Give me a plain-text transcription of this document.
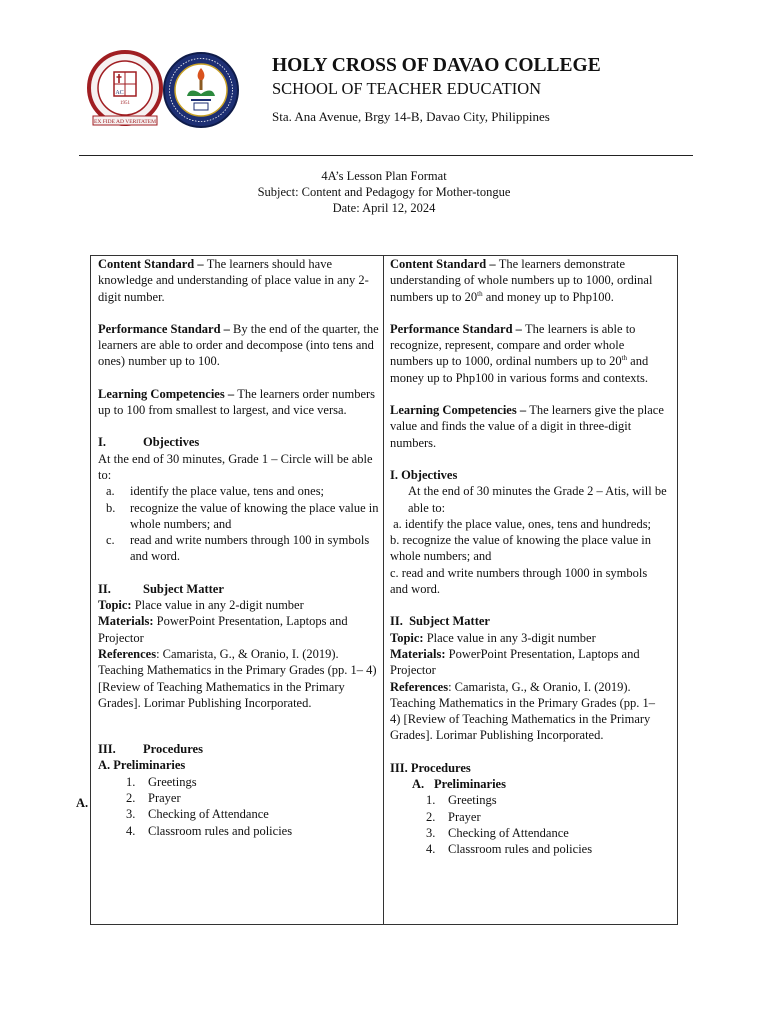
AC
1951
EX FIDE AD VERITATEM
HOLY CROSS OF DAVAO COLLEGE
SCHOOL OF TEACHER EDUCATION
Sta. Ana Avenue, Brgy 14-B, Davao City, Philippines
4A’s Lesson Plan Format
Subject: Content and Pedagogy for Mother-tongue
Date: April 12, 2024
A.

Content Standard – The learners should have knowledge and understanding of place value in any 2-digit number.

Performance Standard – By the end of the quarter, the learners are able to order and decompose (into tens and ones) number up to 100.

Learning Competencies – The learners order numbers up to 100 from smallest to largest, and vice versa.

I.	Objectives

At the end of 30 minutes, Grade 1 – Circle will be able to:

a. identify the place value, tens and ones;
b. recognize the value of knowing the place value in whole numbers; and
c. read and write numbers through 100 in symbols and word.

II.	Subject Matter

Topic: Place value in any 2-digit number

Materials: PowerPoint Presentation, Laptops and Projector

References: Camarista, G., & Oranio, I. (2019). Teaching Mathematics in the Primary Grades (pp. 1– 4) [Review of Teaching Mathematics in the Primary Grades]. Lorimar Publishing Incorporated.

III. Procedures

A. Preliminaries

1. Greetings
2. Prayer
3. Checking of Attendance
4. Classroom rules and policies

Content Standard – The learners demonstrate understanding of whole numbers up to 1000, ordinal numbers up to 20th and money up to Php100.

Performance Standard – The learners is able to recognize, represent, compare and order whole numbers up to 1000, ordinal numbers up to 20th and money up to Php100 in various forms and contexts.

Learning Competencies – The learners give the place value and finds the value of a digit in three-digit numbers.

I. Objectives

At the end of 30 minutes the Grade 2 – Atis, will be able to:

a. identify the place value, ones, tens and hundreds;

b. recognize the value of knowing the place value in whole numbers; and

c. read and write numbers through 1000 in symbols and word.

II.  Subject Matter

Topic: Place value in any 3-digit number

Materials: PowerPoint Presentation, Laptops and Projector

References: Camarista, G., & Oranio, I. (2019). Teaching Mathematics in the Primary Grades (pp. 1– 4) [Review of Teaching Mathematics in the Primary Grades]. Lorimar Publishing Incorporated.

III. Procedures

A. Preliminaries

1. Greetings
2. Prayer
3. Checking of Attendance
4. Classroom rules and policies
